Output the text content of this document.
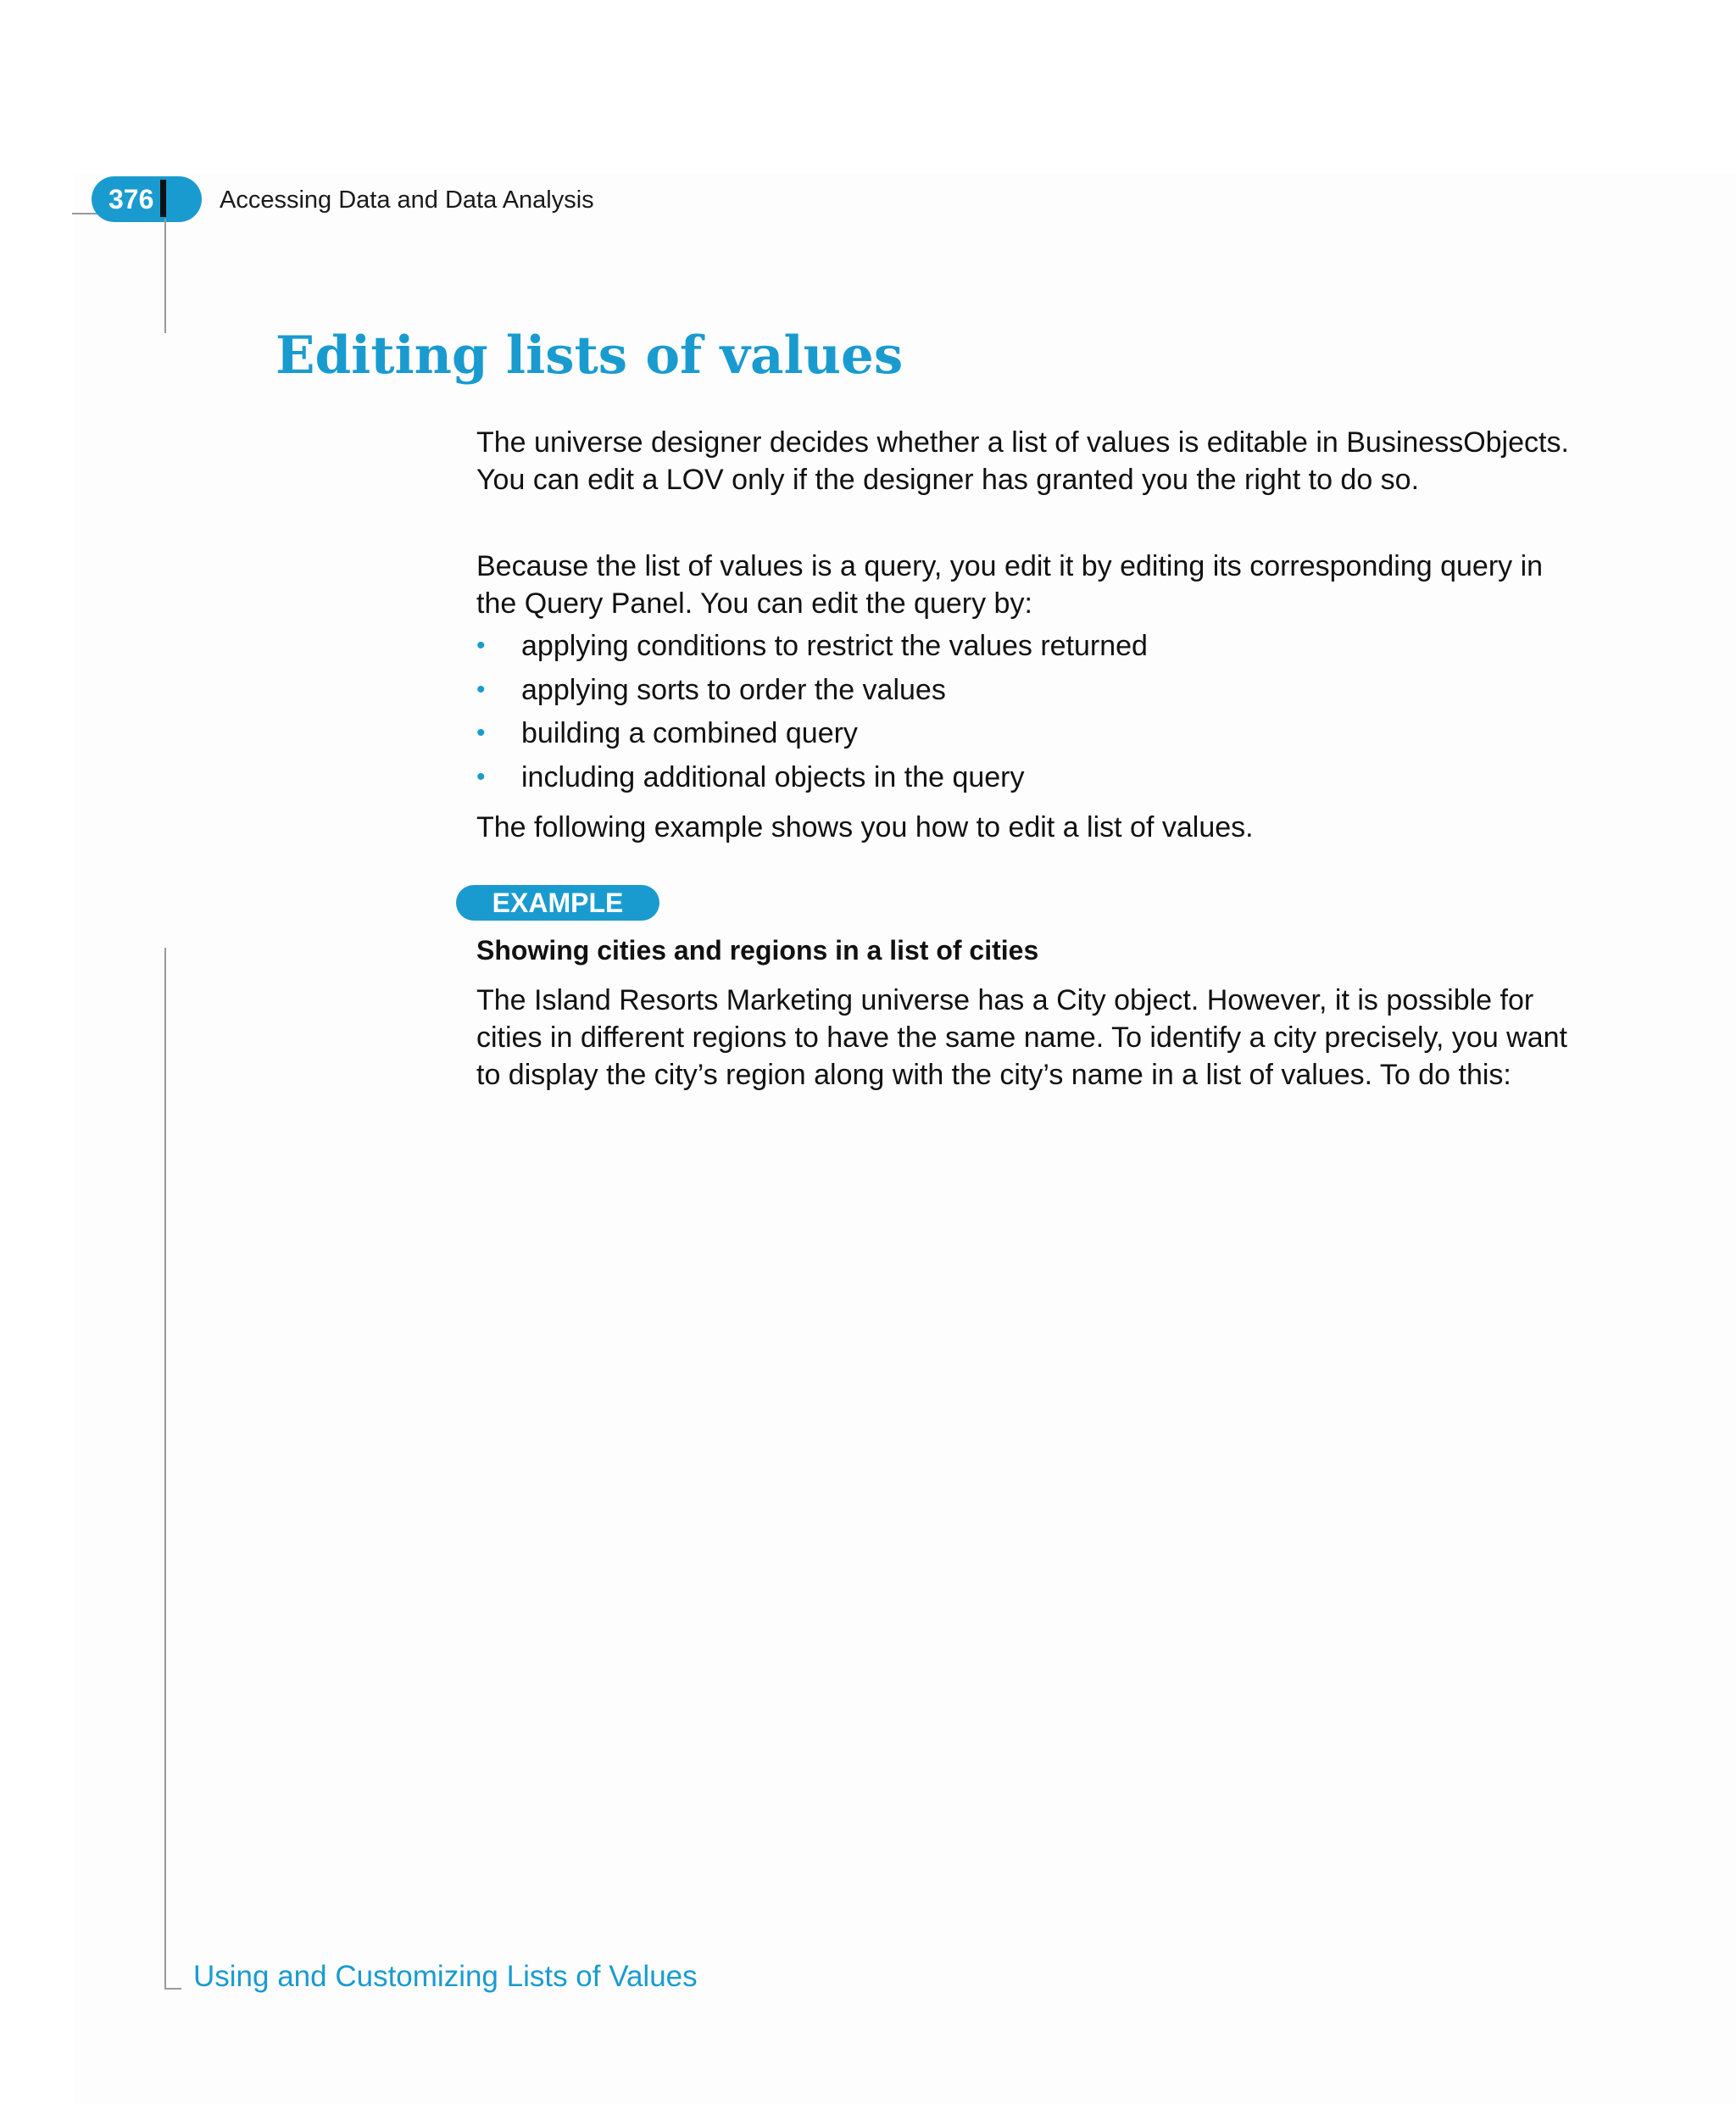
376	Accessing Data and Data Analysis
Editing lists of values

The universe designer decides whether a list of values is editable in BusinessObjects. You can edit a LOV only if the designer has granted you the right to do so.

Because the list of values is a query, you edit it by editing its corresponding query in the Query Panel. You can edit the query by:

• applying conditions to restrict the values returned
• applying sorts to order the values
• building a combined query
• including additional objects in the query

The following example shows you how to edit a list of values.

EXAMPLE

Showing cities and regions in a list of cities

The Island Resorts Marketing universe has a City object. However, it is possible for cities in different regions to have the same name. To identify a city precisely, you want to display the city’s region along with the city’s name in a list of values. To do this:

Using and Customizing Lists of Values
